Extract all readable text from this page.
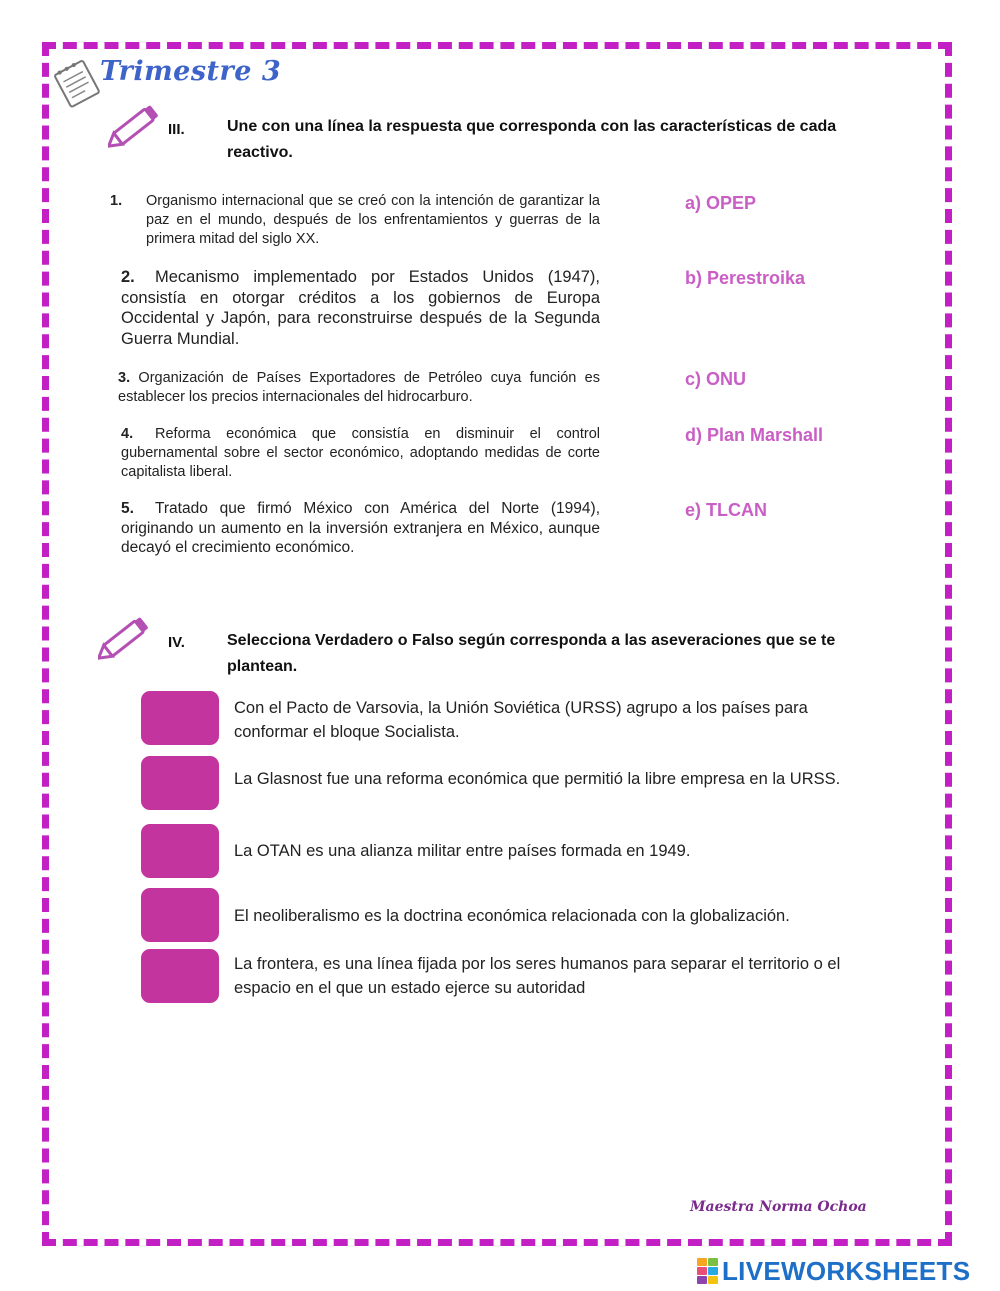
Trimestre 3
III.	Une con una línea la respuesta que corresponda con las características de cada reactivo.
1.	Organismo internacional que se creó con la intención de garantizar la paz en el mundo, después de los enfrentamientos y guerras de la primera mitad del siglo XX.
2. Mecanismo implementado por Estados Unidos (1947), consistía en otorgar créditos a los gobiernos de Europa Occidental y Japón, para reconstruirse después de la Segunda Guerra Mundial.
3. Organización de Países Exportadores de Petróleo cuya función es establecer los precios internacionales del hidrocarburo.
4. Reforma económica que consistía en disminuir el control gubernamental sobre el sector económico, adoptando medidas de corte capitalista liberal.
5. Tratado que firmó México con América del Norte (1994), originando un aumento en la inversión extranjera en México, aunque decayó el crecimiento económico.
a) OPEP
b) Perestroika
c) ONU
d) Plan Marshall
e) TLCAN
IV.	Selecciona Verdadero o Falso según corresponda a las aseveraciones que se te plantean.
Con el Pacto de Varsovia, la Unión Soviética (URSS) agrupo a los países para conformar el bloque Socialista.
La Glasnost fue una reforma económica que permitió la libre empresa en la URSS.
La OTAN es una alianza militar entre países formada en 1949.
El neoliberalismo es la doctrina económica relacionada con la globalización.
La frontera, es una línea fijada por los seres humanos para separar el territorio o el espacio en el que un estado ejerce su autoridad
Maestra Norma Ochoa
LIVEWORKSHEETS
